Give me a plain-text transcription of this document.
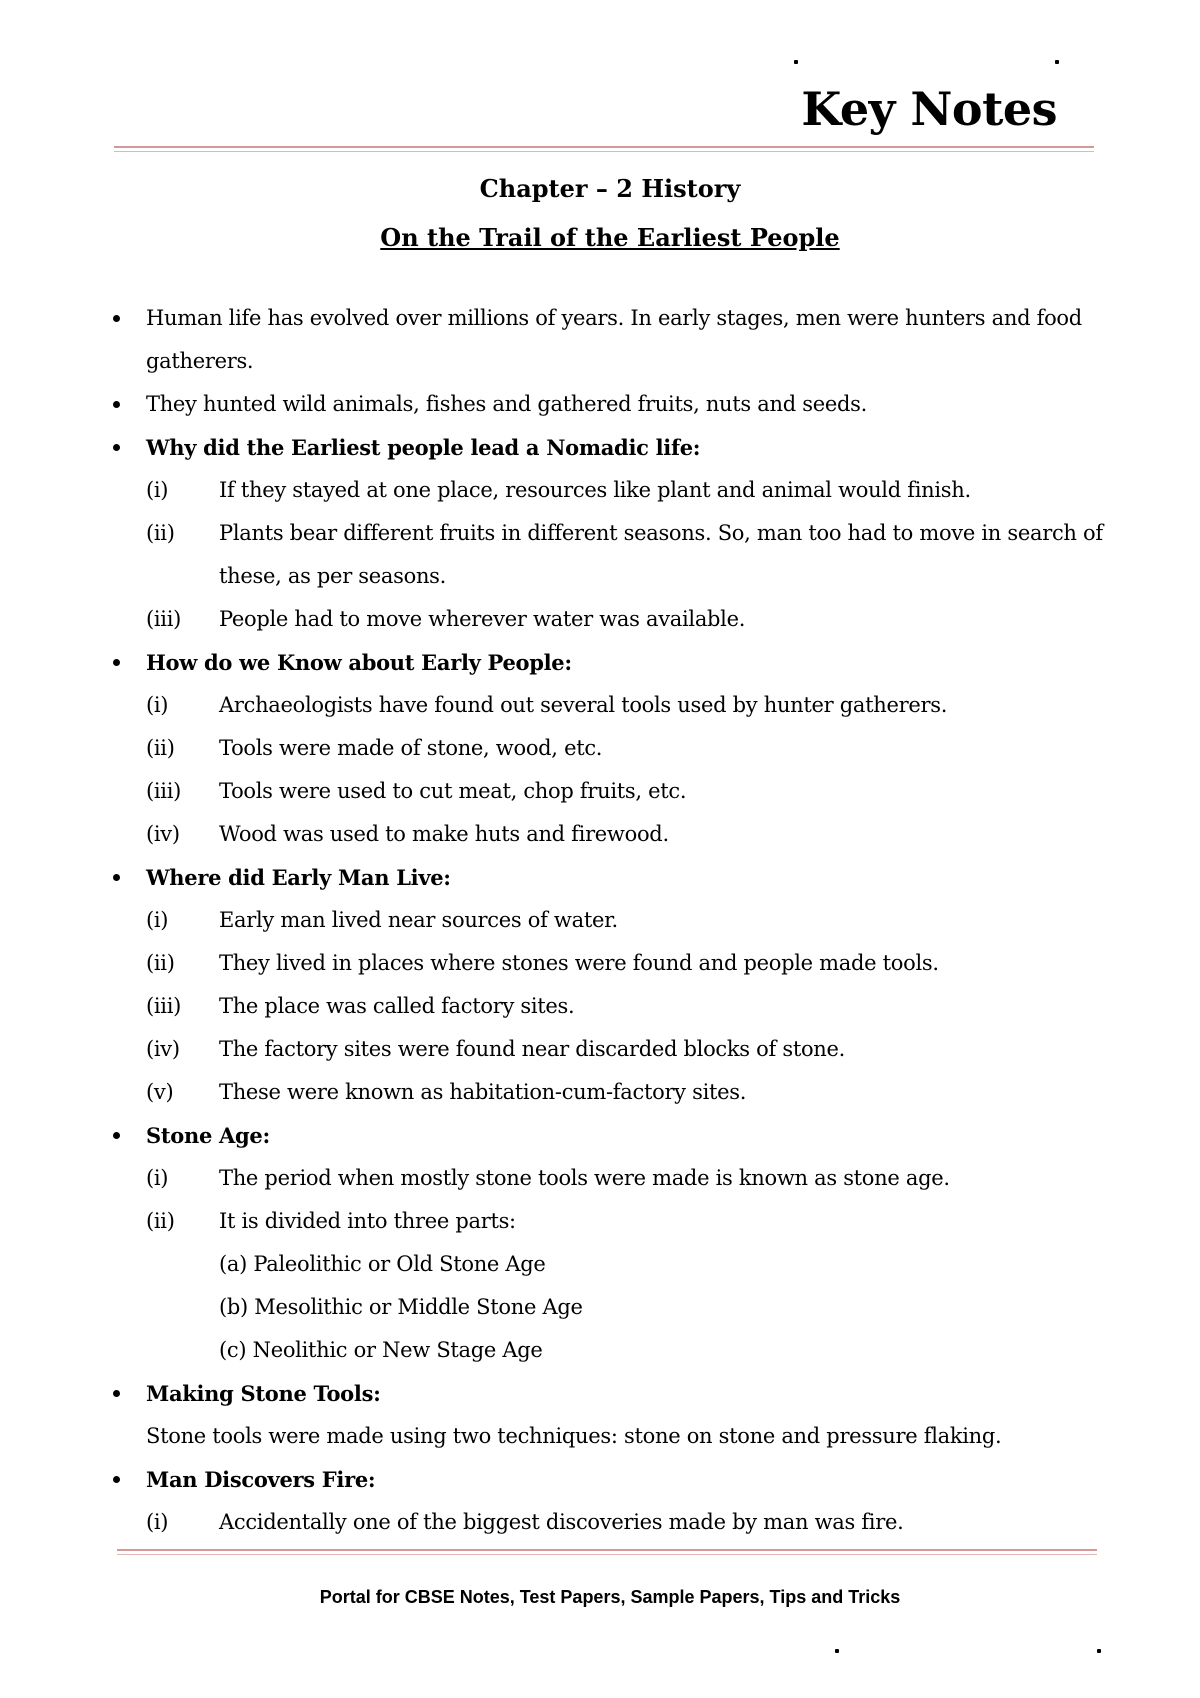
Key Notes
Chapter – 2 History
On the Trail of the Earliest People
Human life has evolved over millions of years. In early stages, men were hunters and food gatherers.
They hunted wild animals, fishes and gathered fruits, nuts and seeds.
Why did the Earliest people lead a Nomadic life:
(i) If they stayed at one place, resources like plant and animal would finish.
(ii) Plants bear different fruits in different seasons. So, man too had to move in search of these, as per seasons.
(iii) People had to move wherever water was available.
How do we Know about Early People:
(i) Archaeologists have found out several tools used by hunter gatherers.
(ii) Tools were made of stone, wood, etc.
(iii) Tools were used to cut meat, chop fruits, etc.
(iv) Wood was used to make huts and firewood.
Where did Early Man Live:
(i) Early man lived near sources of water.
(ii) They lived in places where stones were found and people made tools.
(iii) The place was called factory sites.
(iv) The factory sites were found near discarded blocks of stone.
(v) These were known as habitation-cum-factory sites.
Stone Age:
(i) The period when mostly stone tools were made is known as stone age.
(ii) It is divided into three parts:
(a) Paleolithic or Old Stone Age
(b) Mesolithic or Middle Stone Age
(c) Neolithic or New Stage Age
Making Stone Tools:
Stone tools were made using two techniques: stone on stone and pressure flaking.
Man Discovers Fire:
(i) Accidentally one of the biggest discoveries made by man was fire.
Portal for CBSE Notes, Test Papers, Sample Papers, Tips and Tricks
